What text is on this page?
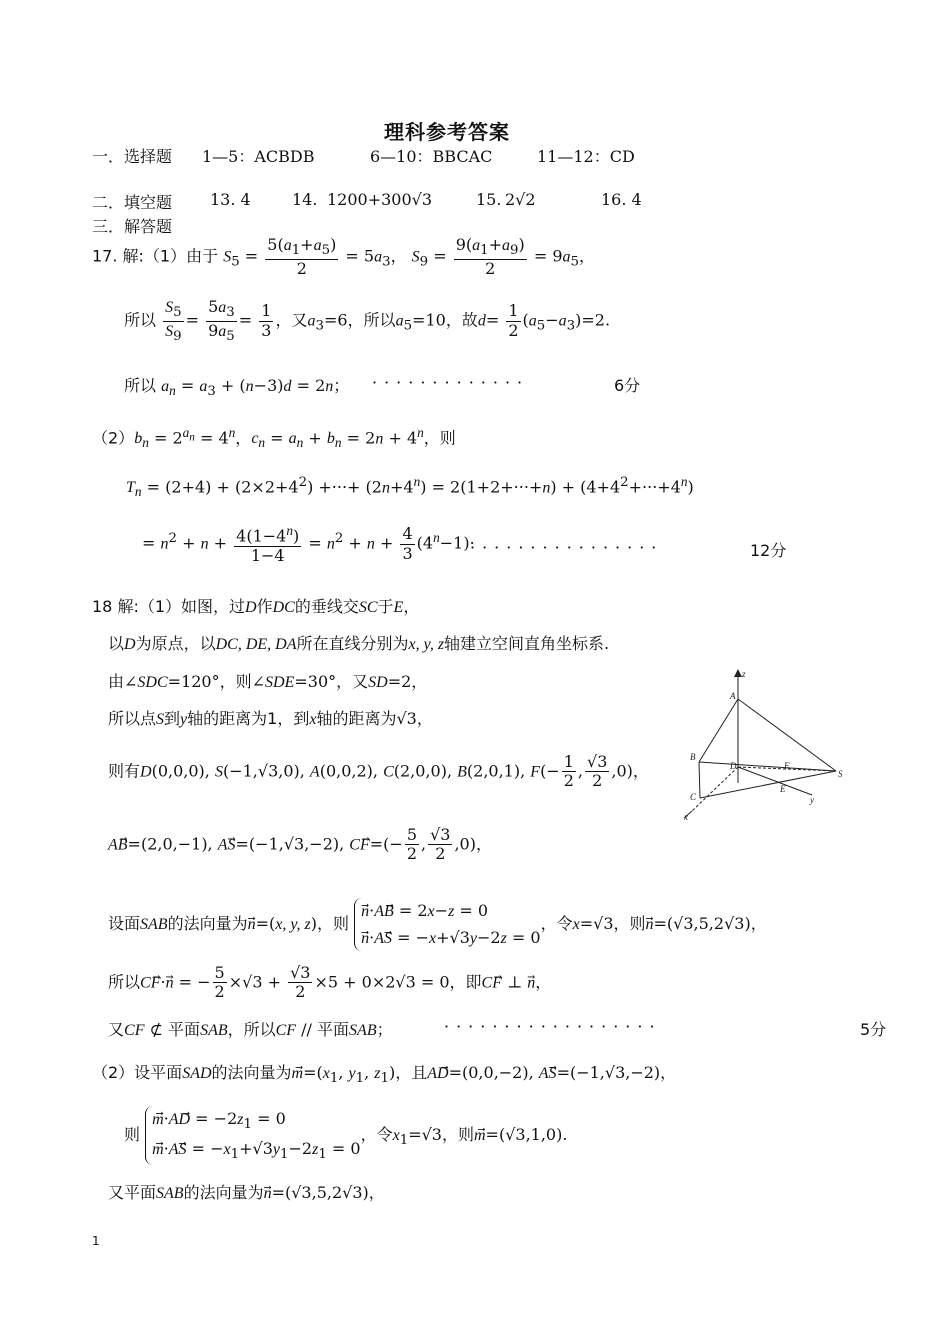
理科参考答案
一．选择题 1—5：ACBDB	6—10：BBCAC	11—12：CD
二．填空题 13. 4	14. 1200+300√3	15. 2√2	16. 4
三．解答题
17. 解:（1）由于 $S_5 = \frac{5(a_1+a_5)}{2} = 5a_3$， $S_9 = \frac{9(a_1+a_9)}{2} = 9a_5$，
所以 $\frac{S_5}{S_9} = \frac{5a_3}{9a_5} = \frac{1}{3}$ ，又$a_3=6$，所以$a_5=10$，故$d= \frac{1}{2} (a_5-a_3)=2$.
所以 $a_n = a_3 + (n-3)d = 2n$； ·············	6分
$(2)b_n = 2^{a_n} = 4^n$，$c_n = a_n + b_n = 2n + 4^n$，则
$T_n = (2+4) + (2\times 2+4^2)$ +···+ $(2n+4^n) = 2(1+2+\cdot\cdot\cdot+n) + (4+4^2+\cdot\cdot\cdot+4^n)$
= $n^2 + n + \frac{4(1-4^n)}{1-4} = n^2 + n + \frac{4}{3} (4^n-1)\cdot$
················	12分
18 解:（1）如图，过D作DC的垂线交SC于E，
以D为原点，以DC, DE, DA所在直线分别为x, y, z轴建立空间直角坐标系.
由∠SDC=120°，则∠SDE=30°，又SD=2，
所以点S到y轴的距离为1，到x轴的距离为√3，
则有D(0,0,0), S(−1,√3,0), A(0,0,2), C(2,0,0), B(2,0,1), $F(- \frac{1}{2}$ , $\frac{√3}{2} ,0$)，
AB⃗=(2,0,−1), AS⃗=(−1,√3,−2), CF⃗=(− $\frac{5}{2}$ , $\frac{√3}{2} ,0$)，
设面SAB的法向量为n⃗=(x, y, z)，则 n⃗·AB⃗ = 2x−z = 0
n⃗·AS⃗ = −x+√3y−2z = 0，令x=√3，则n⃗=(√3,5,2√3)，
所以CF⃗·n⃗ = − $\frac{5}{2} \times√3 + \frac{√3}{2} \times 5 + 0\times 2√3 = 0$，即CF⃗ ⊥ n⃗，
又CF ⊄ 平面SAB，所以CF // 平面SAB；	··················	5分
（2）设平面SAD的法向量为$m⃗=(x_1$, $y_1$, $z_1$)，且AD⃗=(0,0,−2), AS⃗=(−1,√3,−2)，
则 m⃗·AD⃗ = $-2z_1 = 0$
m⃗·AS⃗ = $-x_1+√3y_1-2z_1 = 0$，令$x_1=√3$，则m⃗=(√3,1,0).
又平面SAB的法向量为n⃗=(√3,5,2√3)，
z
A
B
D	F
S
C
E
y
x
1
